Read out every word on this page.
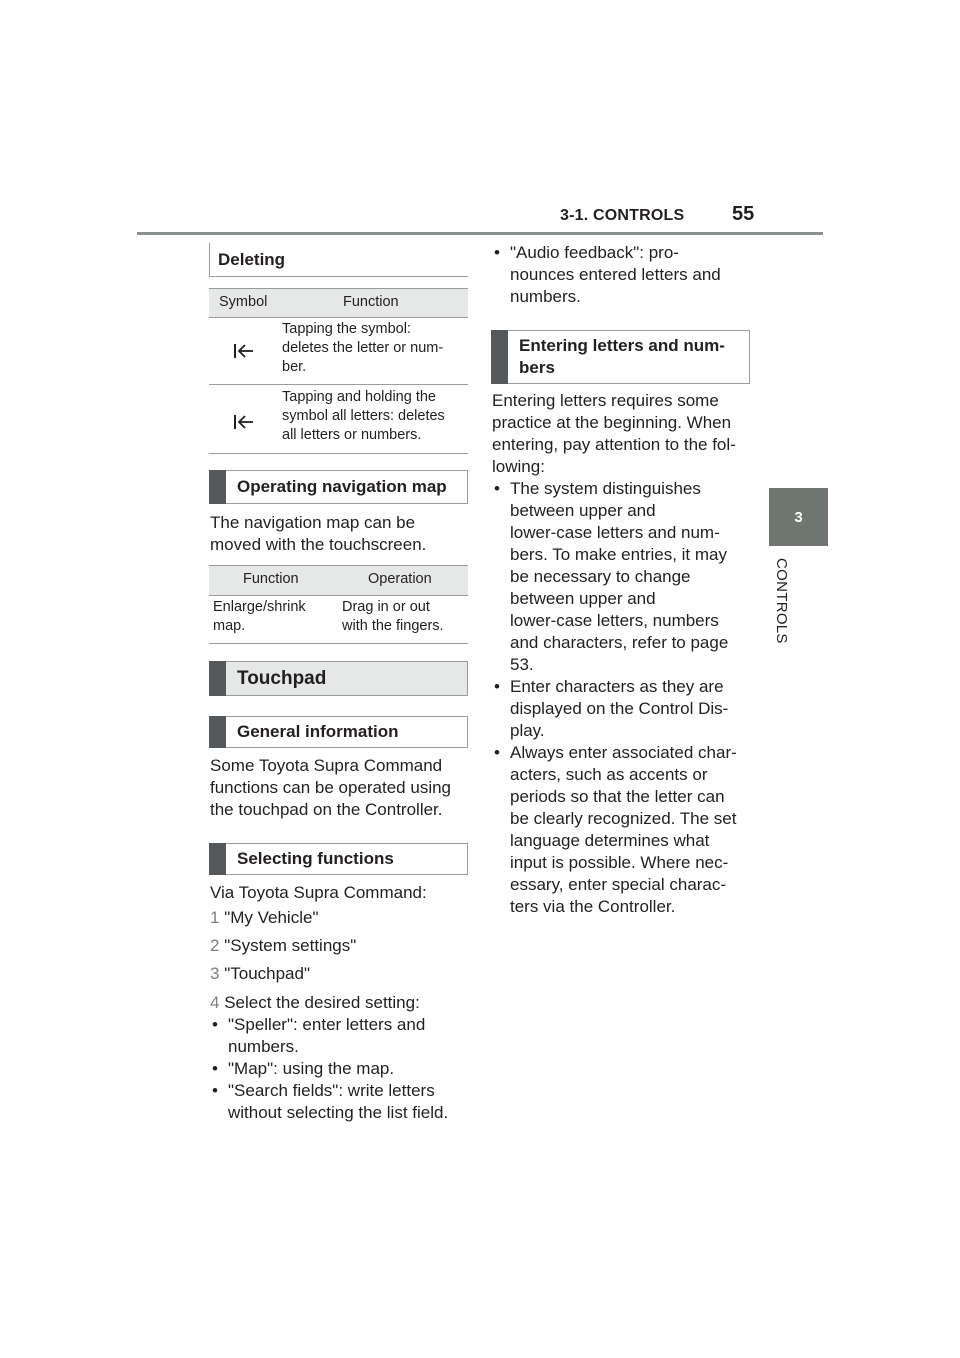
3-1. CONTROLS 55
3
CONTROLS
Deleting
Symbol	Function
Tapping the symbol:
deletes the letter or num-
ber.
Tapping and holding the
symbol all letters: deletes
all letters or numbers.
Operating navigation map
The navigation map can be
moved with the touchscreen.
Function	Operation
Enlarge/shrink
map.
Drag in or out
with the fingers.
Touchpad
General information
Some Toyota Supra Command
functions can be operated using
the touchpad on the Controller.
Selecting functions
Via Toyota Supra Command:
1 "My Vehicle"
2 "System settings"
3 "Touchpad"
4 Select the desired setting:
• "Speller": enter letters and
numbers.
• "Map": using the map.
• "Search fields": write letters
without selecting the list field.
• "Audio feedback": pro-
nounces entered letters and
numbers.
Entering letters and num-
bers
Entering letters requires some
practice at the beginning. When
entering, pay attention to the fol-
lowing:
• The system distinguishes
between upper and
lower-case letters and num-
bers. To make entries, it may
be necessary to change
between upper and
lower-case letters, numbers
and characters, refer to page
53.
• Enter characters as they are
displayed on the Control Dis-
play.
• Always enter associated char-
acters, such as accents or
periods so that the letter can
be clearly recognized. The set
language determines what
input is possible. Where nec-
essary, enter special charac-
ters via the Controller.
